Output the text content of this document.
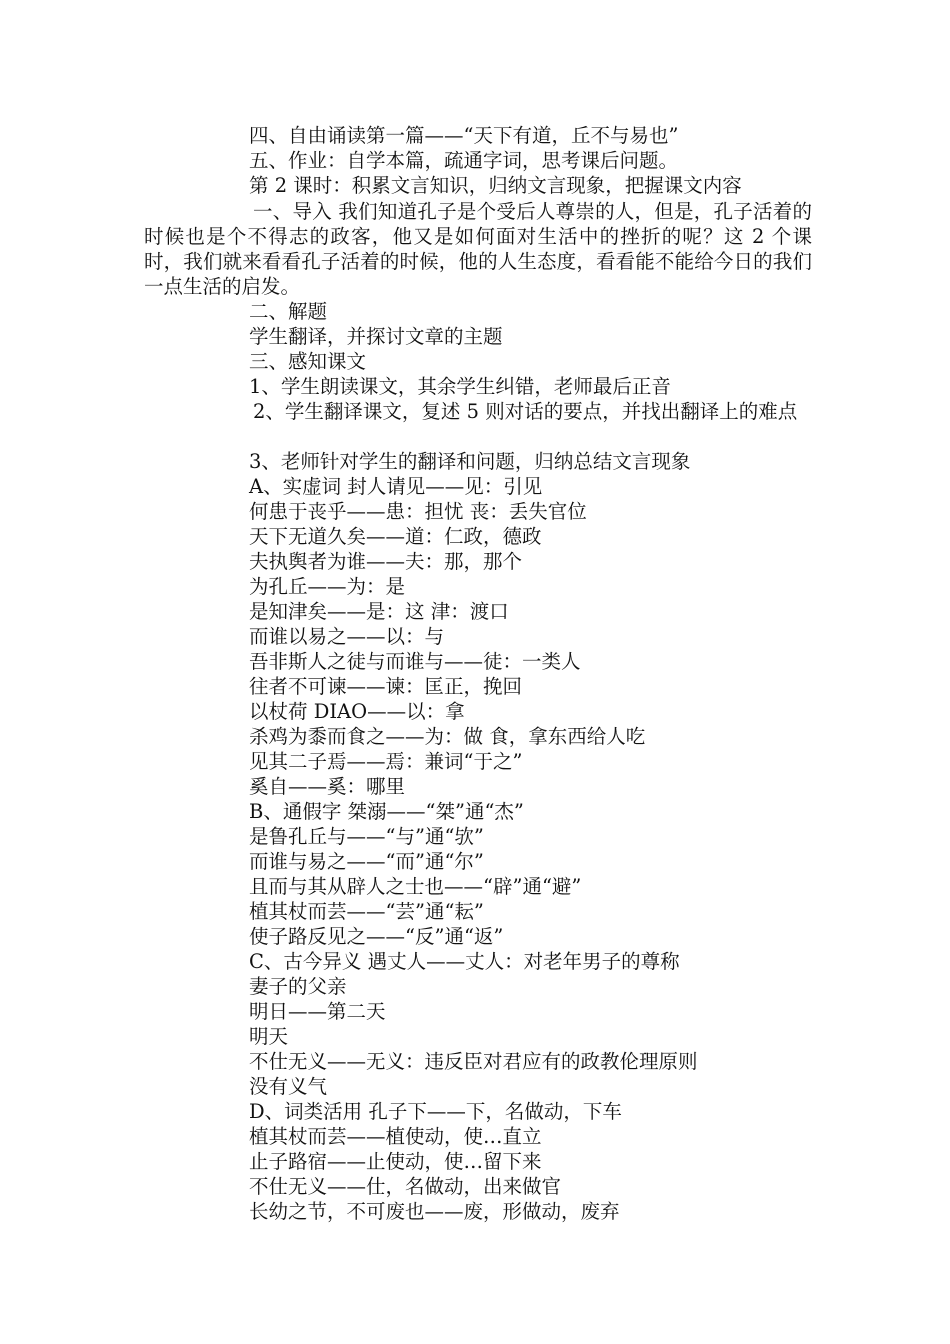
四、自由诵读第一篇——“天下有道，丘不与易也”
五、作业：自学本篇，疏通字词，思考课后问题。
第 2 课时：积累文言知识，归纳文言现象，把握课文内容
一、导入 我们知道孔子是个受后人尊崇的人，但是，孔子活着的时候也是个不得志的政客，他又是如何面对生活中的挫折的呢？这 2 个课时，我们就来看看孔子活着的时候，他的人生态度，看看能不能给今日的我们一点生活的启发。
二、解题
学生翻译，并探讨文章的主题
三、感知课文
1、学生朗读课文，其余学生纠错，老师最后正音
2、学生翻译课文，复述 5 则对话的要点，并找出翻译上的难点
3、老师针对学生的翻译和问题，归纳总结文言现象
A、实虚词 封人请见——见：引见
何患于丧乎——患：担忧 丧：丢失官位
天下无道久矣——道：仁政，德政
夫执舆者为谁——夫：那，那个
为孔丘——为：是
是知津矣——是：这 津：渡口
而谁以易之——以：与
吾非斯人之徒与而谁与——徒：一类人
往者不可谏——谏：匡正，挽回
以杖荷 DIAO——以：拿
杀鸡为黍而食之——为：做 食，拿东西给人吃
见其二子焉——焉：兼词“于之”
奚自——奚：哪里
B、通假字 桀溺——“桀”通“杰”
是鲁孔丘与——“与”通“欤”
而谁与易之——“而”通“尔”
且而与其从辟人之士也——“辟”通“避”
植其杖而芸——“芸”通“耘”
使子路反见之——“反”通“返”
C、古今异义 遇丈人——丈人：对老年男子的尊称
妻子的父亲
明日——第二天
明天
不仕无义——无义：违反臣对君应有的政教伦理原则
没有义气
D、词类活用 孔子下——下，名做动，下车
植其杖而芸——植使动，使…直立
止子路宿——止使动，使…留下来
不仕无义——仕，名做动，出来做官
长幼之节，不可废也——废，形做动，废弃
